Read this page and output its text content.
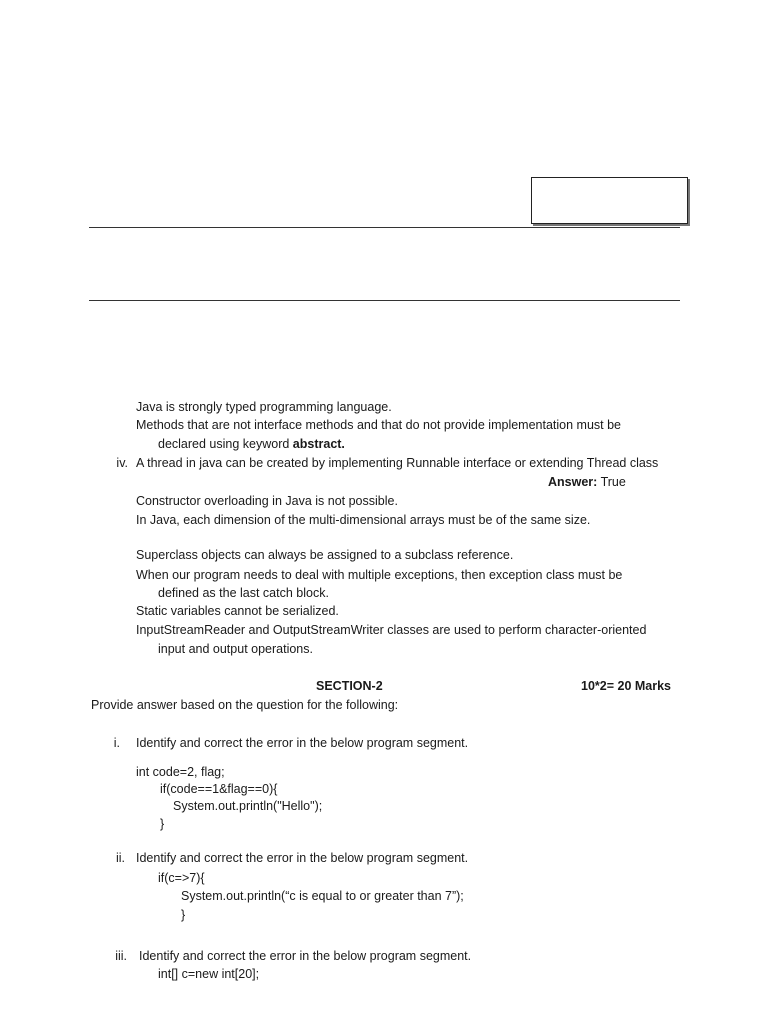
Java is strongly typed programming language.
Methods that are not interface methods and that do not provide implementation must be
declared using keyword abstract.
iv. A thread in java can be created by implementing Runnable interface or extending Thread class
Answer: True
Constructor overloading in Java is not possible.
In Java, each dimension of the multi-dimensional arrays must be of the same size.
Superclass objects can always be assigned to a subclass reference.
When our program needs to deal with multiple exceptions, then exception class must be
defined as the last catch block.
Static variables cannot be serialized.
InputStreamReader and OutputStreamWriter classes are used to perform character-oriented
input and output operations.
SECTION-2	10*2= 20 Marks
Provide answer based on the question for the following:
i. Identify and correct the error in the below program segment.
int code=2, flag;
if(code==1&flag==0){
System.out.println("Hello");
}
ii. Identify and correct the error in the below program segment.
if(c=>7){
System.out.println(“c is equal to or greater than 7”);
}
iii. Identify and correct the error in the below program segment.
int[] c=new int[20];
